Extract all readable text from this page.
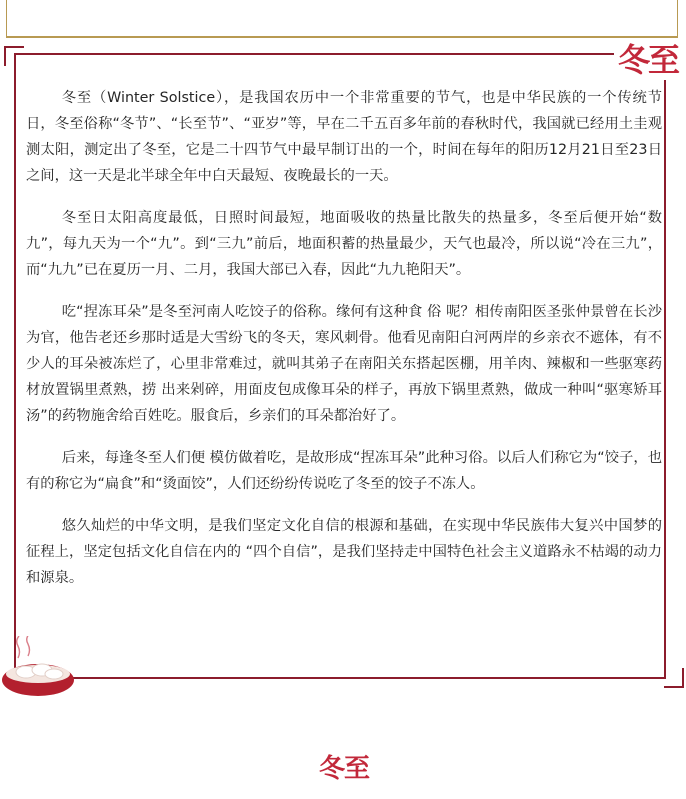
冬至

冬至（Winter Solstice），是我国农历中一个非常重要的节气，也是中华民族的一个传统节日，冬至俗称“冬节”、“长至节”、“亚岁”等，早在二千五百多年前的春秋时代，我国就已经用土圭观测太阳，测定出了冬至，它是二十四节气中最早制订出的一个，时间在每年的阳历12月21日至23日之间，这一天是北半球全年中白天最短、夜晚最长的一天。

冬至日太阳高度最低，日照时间最短，地面吸收的热量比散失的热量多，冬至后便开始“数九”，每九天为一个“九”。到“三九”前后，地面积蓄的热量最少，天气也最冷，所以说“冷在三九”，而“九九”已在夏历一月、二月，我国大部已入春，因此“九九艳阳天”。

吃“捏冻耳朵”是冬至河南人吃饺子的俗称。缘何有这种食 俗 呢？相传南阳医圣张仲景曾在长沙为官，他告老还乡那时适是大雪纷飞的冬天，寒风刺骨。他看见南阳白河两岸的乡亲衣不遮体，有不少人的耳朵被冻烂了，心里非常难过，就叫其弟子在南阳关东搭起医棚，用羊肉、辣椒和一些驱寒药材放置锅里煮熟，捞 出来剁碎，用面皮包成像耳朵的样子，再放下锅里煮熟，做成一种叫“驱寒矫耳汤”的药物施舍给百姓吃。服食后，乡亲们的耳朵都治好了。

后来，每逢冬至人们便 模仿做着吃，是故形成“捏冻耳朵”此种习俗。以后人们称它为“饺子，也有的称它为“扁食”和“烫面饺”，人们还纷纷传说吃了冬至的饺子不冻人。

悠久灿烂的中华文明，是我们坚定文化自信的根源和基础，在实现中华民族伟大复兴中国梦的征程上，坚定包括文化自信在内的 “四个自信”，是我们坚持走中国特色社会主义道路永不枯竭的动力和源泉。

冬至
